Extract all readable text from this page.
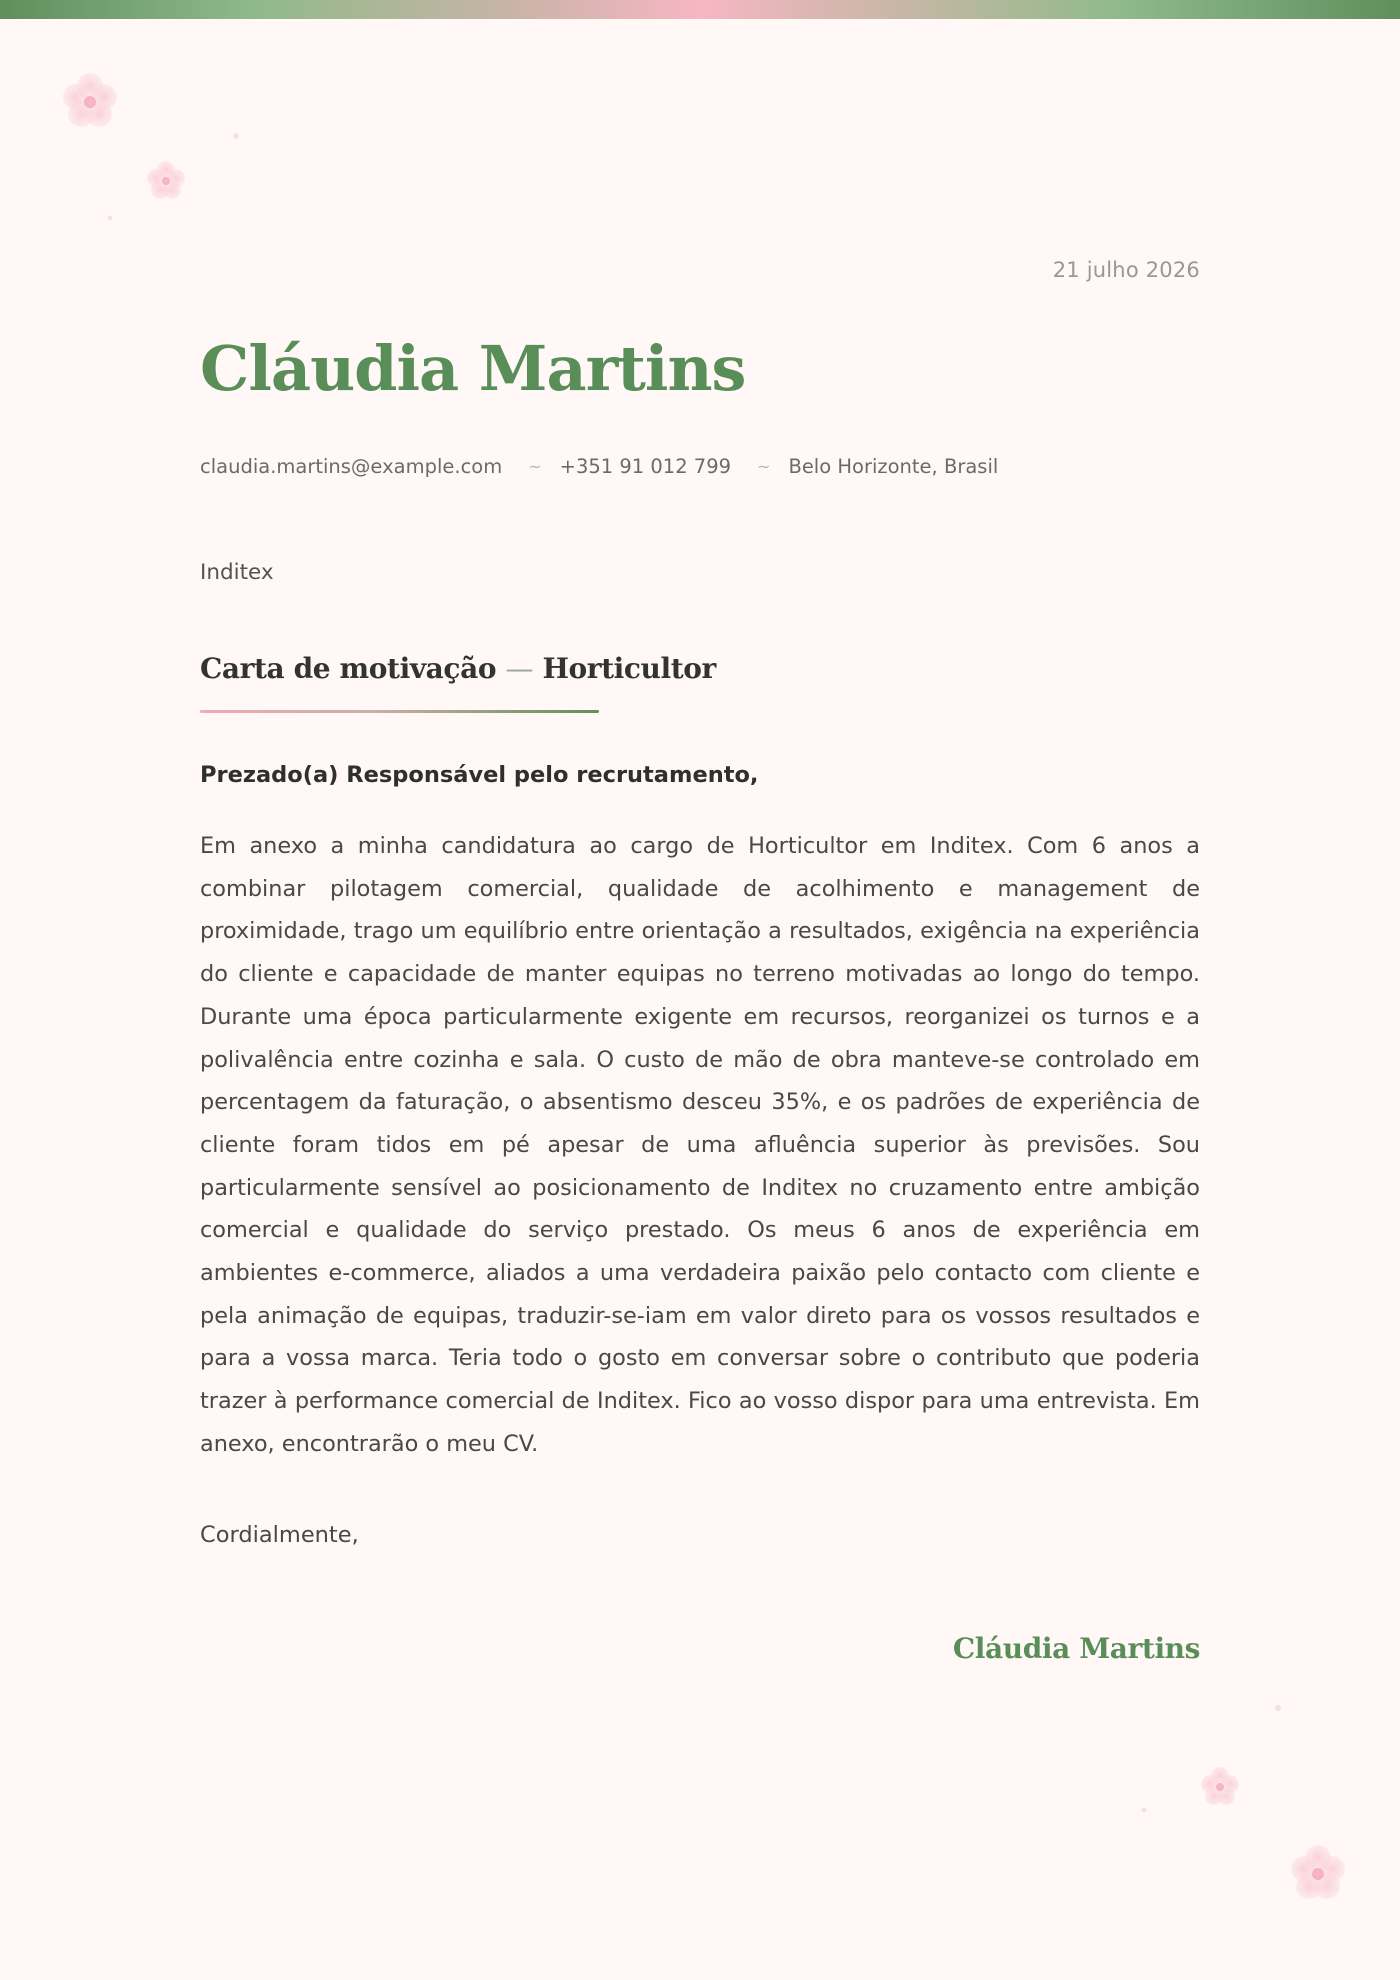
21 julho 2026
Cláudia Martins
claudia.martins@example.com ~ +351 91 012 799 ~ Belo Horizonte, Brasil
Inditex
Carta de motivação — Horticultor
Prezado(a) Responsável pelo recrutamento,

Em anexo a minha candidatura ao cargo de Horticultor em Inditex. Com 6 anos a combinar pilotagem comercial, qualidade de acolhimento e management de proximidade, trago um equilíbrio entre orientação a resultados, exigência na experiência do cliente e capacidade de manter equipas no terreno motivadas ao longo do tempo. Durante uma época particularmente exigente em recursos, reorganizei os turnos e a polivalência entre cozinha e sala. O custo de mão de obra manteve-se controlado em percentagem da faturação, o absentismo desceu 35%, e os padrões de experiência de cliente foram tidos em pé apesar de uma afluência superior às previsões. Sou particularmente sensível ao posicionamento de Inditex no cruzamento entre ambição comercial e qualidade do serviço prestado. Os meus 6 anos de experiência em ambientes e-commerce, aliados a uma verdadeira paixão pelo contacto com cliente e pela animação de equipas, traduzir-se-iam em valor direto para os vossos resultados e para a vossa marca. Teria todo o gosto em conversar sobre o contributo que poderia trazer à performance comercial de Inditex. Fico ao vosso dispor para uma entrevista. Em anexo, encontrarão o meu CV.

Cordialmente,
Cláudia Martins
